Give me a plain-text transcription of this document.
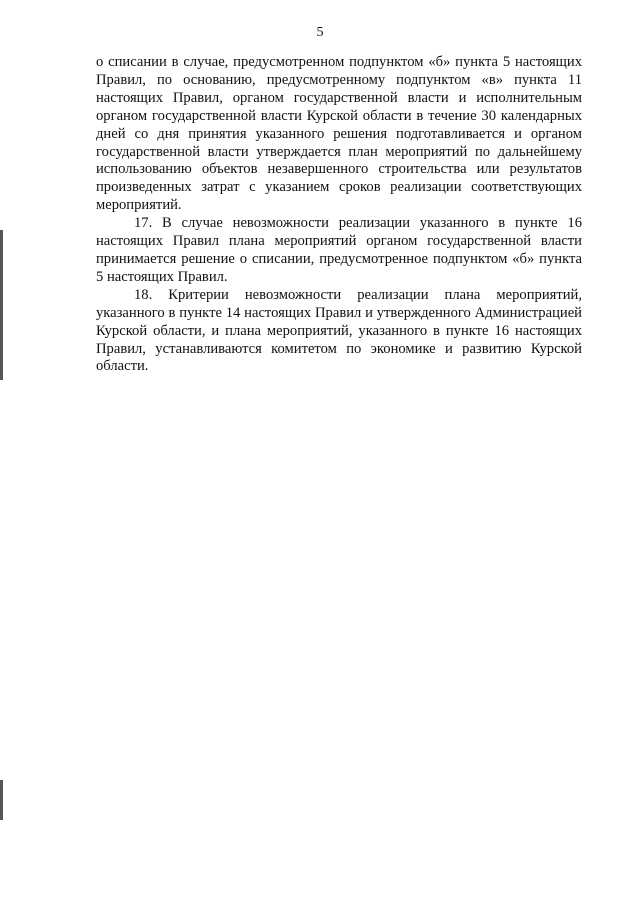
5

о списании в случае, предусмотренном подпунктом «б» пункта 5 настоящих Правил, по основанию, предусмотренному подпунктом «в» пункта 11 настоящих Правил, органом государственной власти и исполнительным органом государственной власти Курской области в течение 30 календарных дней со дня принятия указанного решения подготавливается и органом государственной власти утверждается план мероприятий по дальнейшему использованию объектов незавершенного строительства или результатов произведенных затрат с указанием сроков реализации соответствующих мероприятий.

17. В случае невозможности реализации указанного в пункте 16 настоящих Правил плана мероприятий органом государственной власти принимается решение о списании, предусмотренное подпунктом «б» пункта 5 настоящих Правил.

18. Критерии невозможности реализации плана мероприятий, указанного в пункте 14 настоящих Правил и утвержденного Администрацией Курской области, и плана мероприятий, указанного в пункте 16 настоящих Правил, устанавливаются комитетом по экономике и развитию Курской области.
